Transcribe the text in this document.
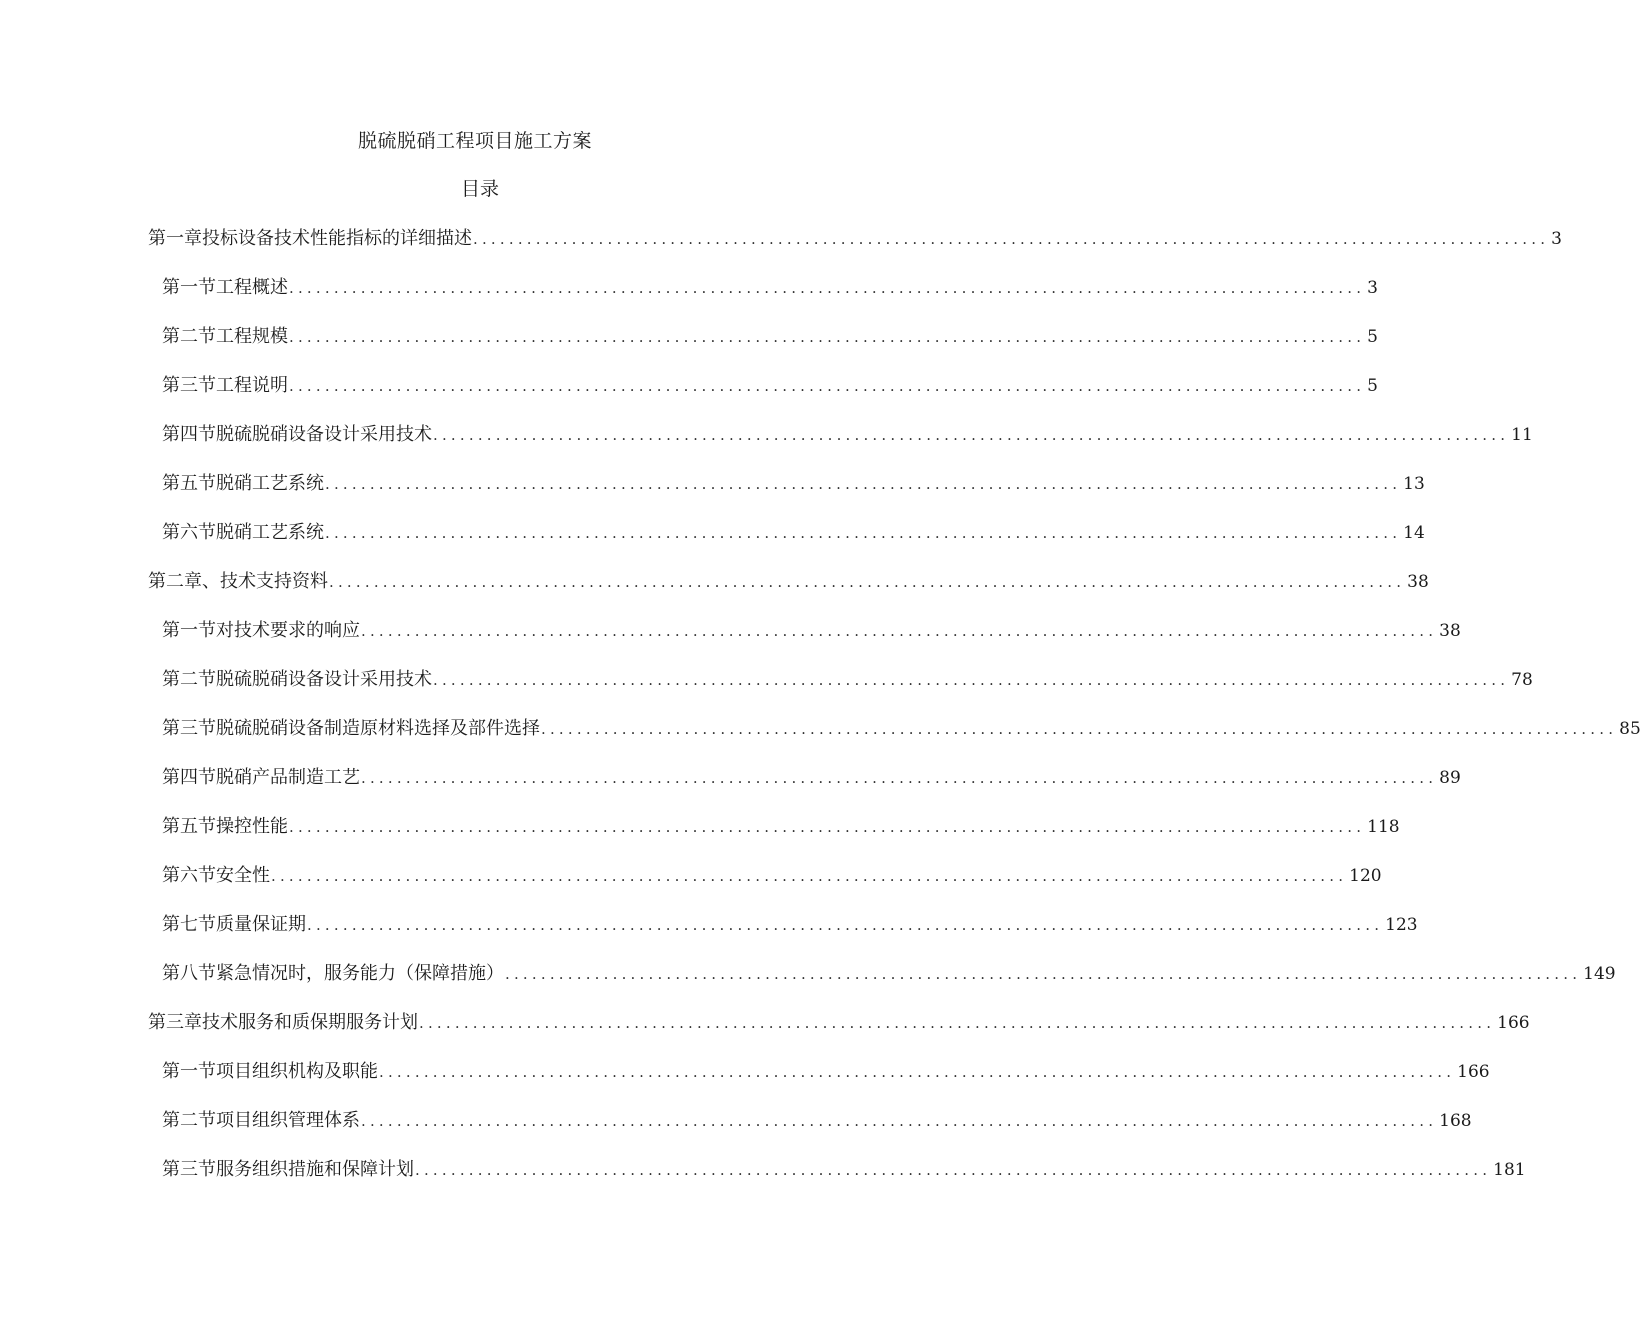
脱硫脱硝工程项目施工方案
目录
第一章投标设备技术性能指标的详细描述 ........................................................................................................................ 3
第一节工程概述 ........................................................................................................................ 3
第二节工程规模 ........................................................................................................................ 5
第三节工程说明 ........................................................................................................................ 5
第四节脱硫脱硝设备设计采用技术 ........................................................................................................................ 11
第五节脱硝工艺系统 ........................................................................................................................ 13
第六节脱硝工艺系统 ........................................................................................................................ 14
第二章、技术支持资料 ........................................................................................................................ 38
第一节对技术要求的响应 ........................................................................................................................ 38
第二节脱硫脱硝设备设计采用技术 ........................................................................................................................ 78
第三节脱硫脱硝设备制造原材料选择及部件选择 ........................................................................................................................ 85
第四节脱硝产品制造工艺 ........................................................................................................................ 89
第五节操控性能 ........................................................................................................................ 118
第六节安全性 ........................................................................................................................ 120
第七节质量保证期 ........................................................................................................................ 123
第八节紧急情况时，服务能力（保障措施） ........................................................................................................................ 149
第三章技术服务和质保期服务计划 ........................................................................................................................ 166
第一节项目组织机构及职能 ........................................................................................................................ 166
第二节项目组织管理体系 ........................................................................................................................ 168
第三节服务组织措施和保障计划 ........................................................................................................................ 181
